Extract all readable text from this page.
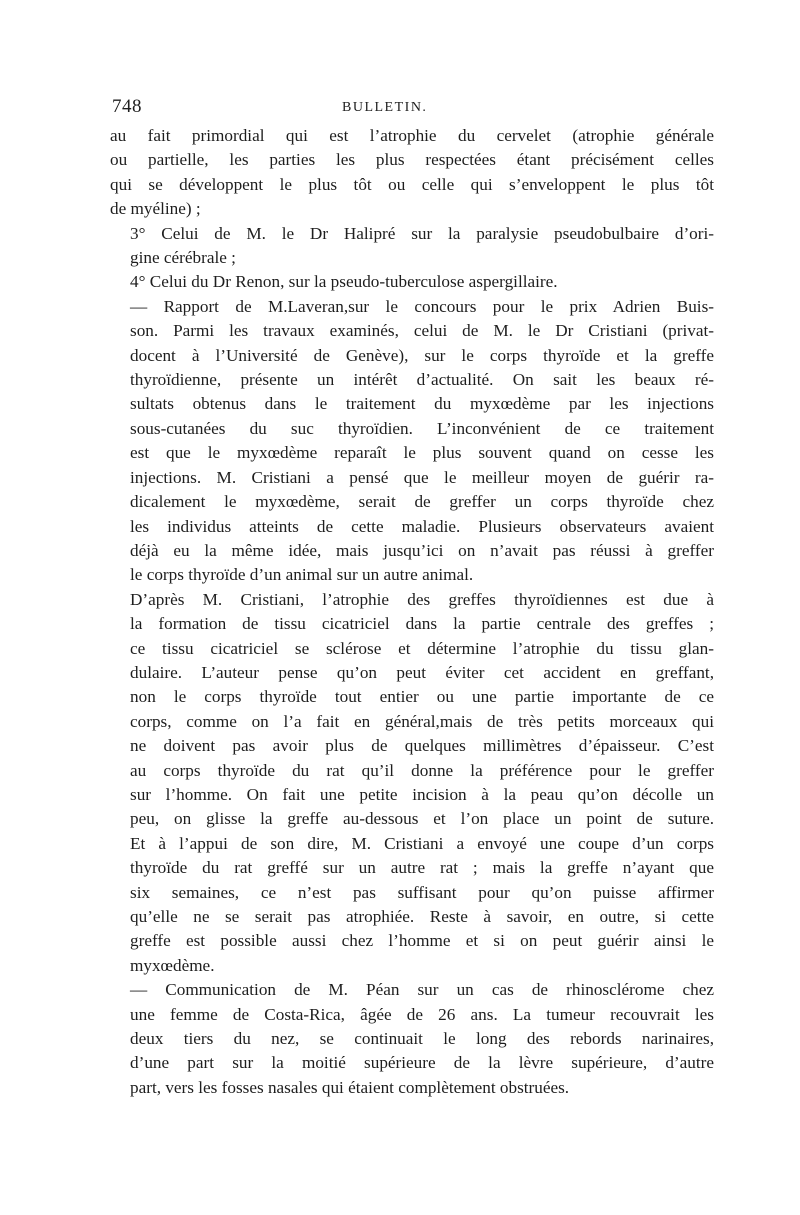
748	BULLETIN.

au fait primordial qui est l’atrophie du cervelet (atrophie générale
ou partielle, les parties les plus respectées étant précisément celles
qui se développent le plus tôt ou celle qui s’enveloppent le plus tôt
de myéline) ;

3° Celui de M. le Dr Halipré sur la paralysie pseudobulbaire d’ori-
gine cérébrale ;

4° Celui du Dr Renon, sur la pseudo-tuberculose aspergillaire.

— Rapport de M.Laveran,sur le concours pour le prix Adrien Buis-
son. Parmi les travaux examinés, celui de M. le Dr Cristiani (privat-
docent à l’Université de Genève), sur le corps thyroïde et la greffe
thyroïdienne, présente un intérêt d’actualité. On sait les beaux ré-
sultats obtenus dans le traitement du myxœdème par les injections
sous-cutanées du suc thyroïdien. L’inconvénient de ce traitement
est que le myxœdème reparaît le plus souvent quand on cesse les
injections. M. Cristiani a pensé que le meilleur moyen de guérir ra-
dicalement le myxœdème, serait de greffer un corps thyroïde chez
les individus atteints de cette maladie. Plusieurs observateurs avaient
déjà eu la même idée, mais jusqu’ici on n’avait pas réussi à greffer
le corps thyroïde d’un animal sur un autre animal.

D’après M. Cristiani, l’atrophie des greffes thyroïdiennes est due à
la formation de tissu cicatriciel dans la partie centrale des greffes ;
ce tissu cicatriciel se sclérose et détermine l’atrophie du tissu glan-
dulaire. L’auteur pense qu’on peut éviter cet accident en greffant,
non le corps thyroïde tout entier ou une partie importante de ce
corps, comme on l’a fait en général,mais de très petits morceaux qui
ne doivent pas avoir plus de quelques millimètres d’épaisseur. C’est
au corps thyroïde du rat qu’il donne la préférence pour le greffer
sur l’homme. On fait une petite incision à la peau qu’on décolle un
peu, on glisse la greffe au-dessous et l’on place un point de suture.
Et à l’appui de son dire, M. Cristiani a envoyé une coupe d’un corps
thyroïde du rat greffé sur un autre rat ; mais la greffe n’ayant que
six semaines, ce n’est pas suffisant pour qu’on puisse affirmer
qu’elle ne se serait pas atrophiée. Reste à savoir, en outre, si cette
greffe est possible aussi chez l’homme et si on peut guérir ainsi le
myxœdème.

— Communication de M. Péan sur un cas de rhinosclérome chez
une femme de Costa-Rica, âgée de 26 ans. La tumeur recouvrait les
deux tiers du nez, se continuait le long des rebords narinaires,
d’une part sur la moitié supérieure de la lèvre supérieure, d’autre
part, vers les fosses nasales qui étaient complètement obstruées.
